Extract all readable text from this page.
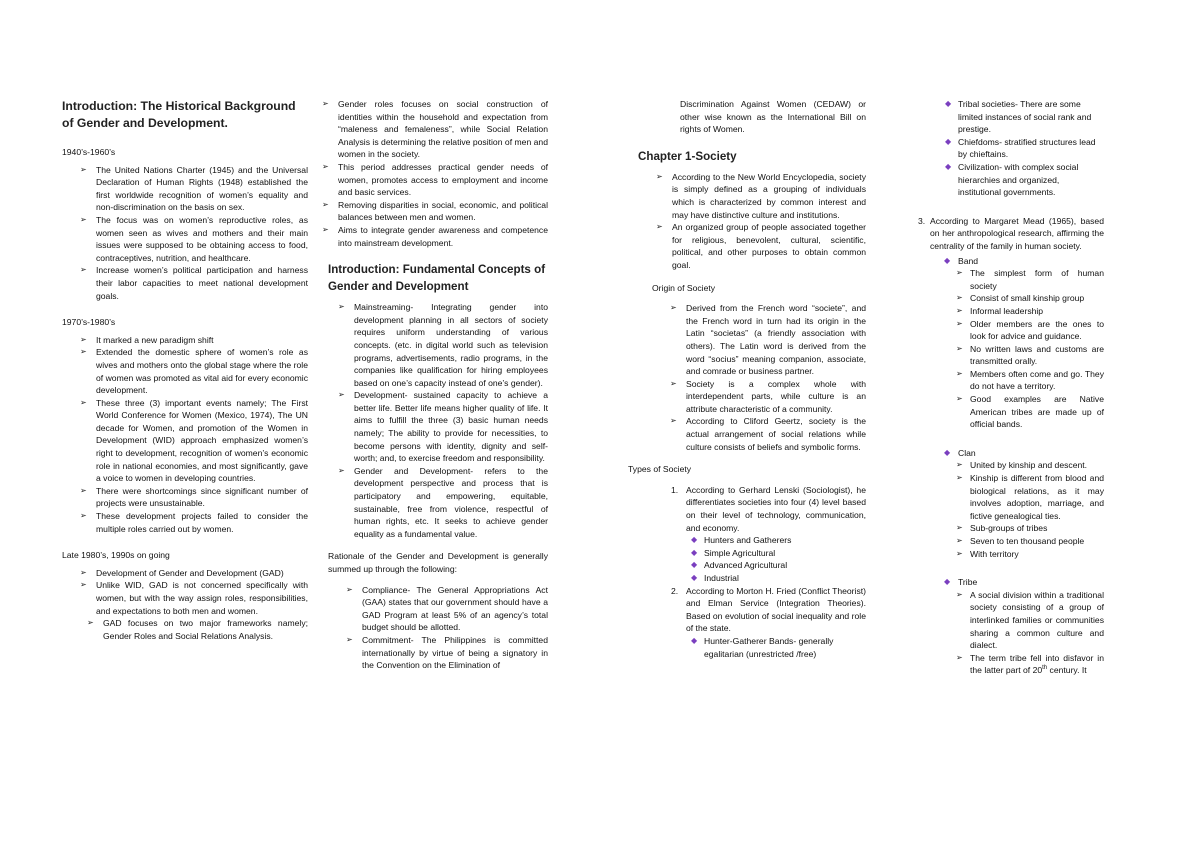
Introduction: The Historical Background of Gender and Development.
1940’s-1960’s
➢ The United Nations Charter (1945) and the Universal Declaration of Human Rights (1948) established the first worldwide recognition of women’s equality and non-discrimination on the basis on sex.
➢ The focus was on women’s reproductive roles, as women seen as wives and mothers and their main issues were supposed to be obtaining access to food, contraceptives, nutrition, and healthcare.
➢ Increase women’s political participation and harness their labor capacities to meet national development goals.
1970’s-1980’s
➢ It marked a new paradigm shift
➢ Extended the domestic sphere of women’s role as wives and mothers onto the global stage where the role of women was promoted as vital aid for every economic development.
➢ These three (3) important events namely; The First World Conference for Women (Mexico, 1974), The UN decade for Women, and promotion of the Women in Development (WID) approach emphasized women’s right to development, recognition of women’s economic role in national economies, and most significantly, gave a voice to women in developing countries.
➢ There were shortcomings since significant number of projects were unsustainable.
➢ These development projects failed to consider the multiple roles carried out by women.
Late 1980’s, 1990s on going
➢ Development of Gender and Development (GAD)
➢ Unlike WID, GAD is not concerned specifically with women, but with the way assign roles, responsibilities, and expectations to both men and women.
➢ GAD focuses on two major frameworks namely; Gender Roles and Social Relations Analysis.
➢ Gender roles focuses on social construction of identities within the household and expectation from “maleness and femaleness”, while Social Relation Analysis is determining the relative position of men and women in the society.
➢ This period addresses practical gender needs of women, promotes access to employment and income and basic services.
➢ Removing disparities in social, economic, and political balances between men and women.
➢ Aims to integrate gender awareness and competence into mainstream development.
Introduction: Fundamental Concepts of Gender and Development
➢ Mainstreaming- Integrating gender into development planning in all sectors of society requires uniform understanding of various concepts. (etc. in digital world such as television programs, advertisements, radio programs, in the companies like qualification for hiring employees based on one’s capacity instead of one’s gender).
➢ Development- sustained capacity to achieve a better life. Better life means higher quality of life. It aims to fulfill the three (3) basic human needs namely; The ability to provide for necessities, to become persons with identity, dignity and self-worth; and, to exercise freedom and responsibility.
➢ Gender and Development- refers to the development perspective and process that is participatory and empowering, equitable, sustainable, free from violence, respectful of human rights, etc. It seeks to achieve gender equality as a fundamental value.
Rationale of the Gender and Development is generally summed up through the following:
➢ Compliance- The General Appropriations Act (GAA) states that our government should have a GAD Program at least 5% of an agency’s total budget should be allotted.
➢ Commitment- The Philippines is committed internationally by virtue of being a signatory in the Convention on the Elimination of
Discrimination Against Women (CEDAW) or other wise known as the International Bill on rights of Women.
Chapter 1-Society
➢ According to the New World Encyclopedia, society is simply defined as a grouping of individuals which is characterized by common interest and may have distinctive culture and institutions.
➢ An organized group of people associated together for religious, benevolent, cultural, scientific, political, and other purposes to obtain common goal.
Origin of Society
➢ Derived from the French word “societe”, and the French word in turn had its origin in the Latin “societas” (a friendly association with others). The Latin word is derived from the word “socius” meaning companion, associate, and comrade or business partner.
➢ Society is a complex whole with interdependent parts, while culture is an attribute characteristic of a community.
➢ According to Cliford Geertz, society is the actual arrangement of social relations while culture consists of beliefs and symbolic forms.
Types of Society
1. According to Gerhard Lenski (Sociologist), he differentiates societies into four (4) level based on their level of technology, communication, and economy.
◆ Hunters and Gatherers
◆ Simple Agricultural
◆ Advanced Agricultural
◆ Industrial
2. According to Morton H. Fried (Conflict Theorist) and Elman Service (Integration Theories). Based on evolution of social inequality and role of the state.
◆ Hunter-Gatherer Bands- generally egalitarian (unrestricted /free)
◆ Tribal societies- There are some limited instances of social rank and prestige.
◆ Chiefdoms- stratified structures lead by chieftains.
◆ Civilization- with complex social hierarchies and organized, institutional governments.
3. According to Margaret Mead (1965), based on her anthropological research, affirming the centrality of the family in human society.
◆ Band
➢ The simplest form of human society
➢ Consist of small kinship group
➢ Informal leadership
➢ Older members are the ones to look for advice and guidance.
➢ No written laws and customs are transmitted orally.
➢ Members often come and go. They do not have a territory.
➢ Good examples are Native American tribes are made up of official bands.
◆ Clan
➢ United by kinship and descent.
➢ Kinship is different from blood and biological relations, as it may involves adoption, marriage, and fictive genealogical ties.
➢ Sub-groups of tribes
➢ Seven to ten thousand people
➢ With territory
◆ Tribe
➢ A social division within a traditional society consisting of a group of interlinked families or communities sharing a common culture and dialect.
➢ The term tribe fell into disfavor in the latter part of 20th century. It
